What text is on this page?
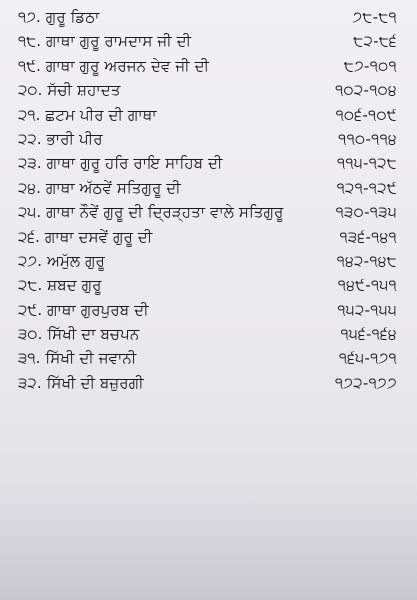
੧੭. ਗੁਰੂ ਡਿਠਾ	੭੮-੮੧
੧੮. ਗਾਥਾ ਗੁਰੂ ਰਾਮਦਾਸ ਜੀ ਦੀ	੮੨-੮੬
੧੯. ਗਾਥਾ ਗੁਰੂ ਅਰਜਨ ਦੇਵ ਜੀ ਦੀ	੮੭-੧੦੧
੨੦. ਸੱਚੀ ਸ਼ਹਾਦਤ	੧੦੨-੧੦੪
੨੧. ਛਟਮ ਪੀਰ ਦੀ ਗਾਥਾ	੧੦੬-੧੦੯
੨੨. ਭਾਰੀ ਪੀਰ	੧੧੦-੧੧੪
੨੩. ਗਾਥਾ ਗੁਰੂ ਹਰਿ ਰਾਇ ਸਾਹਿਬ ਦੀ	੧੧੫-੧੨੮
੨੪. ਗਾਥਾ ਅੱਠਵੇਂ ਸਤਿਗੁਰੂ ਦੀ	੧੨੧-੧੨੯
੨੫. ਗਾਥਾ ਨੌਵੇਂ ਗੁਰੂ ਦੀ ਦ੍ਰਿੜ੍ਹਤਾ ਵਾਲੇ ਸਤਿਗੁਰੂ	੧੩੦-੧੩੫
੨੬. ਗਾਥਾ ਦਸਵੇਂ ਗੁਰੂ ਦੀ	੧੩੬-੧੪੧
੨੭. ਅਮੁੱਲ ਗੁਰੂ	੧੪੨-੧੪੮
੨੮. ਸ਼ਬਦ ਗੁਰੂ	੧੪੯-੧੫੧
੨੯. ਗਾਥਾ ਗੁਰਪੁਰਬ ਦੀ	੧੫੨-੧੫੫
੩੦. ਸਿੱਖੀ ਦਾ ਬਚਪਨ	੧੫੬-੧੬੪
੩੧. ਸਿੱਖੀ ਦੀ ਜਵਾਨੀ	੧੬੫-੧੭੧
੩੨. ਸਿੱਖੀ ਦੀ ਬਜ਼ੁਰਗੀ	੧੭੨-੧੭੭
